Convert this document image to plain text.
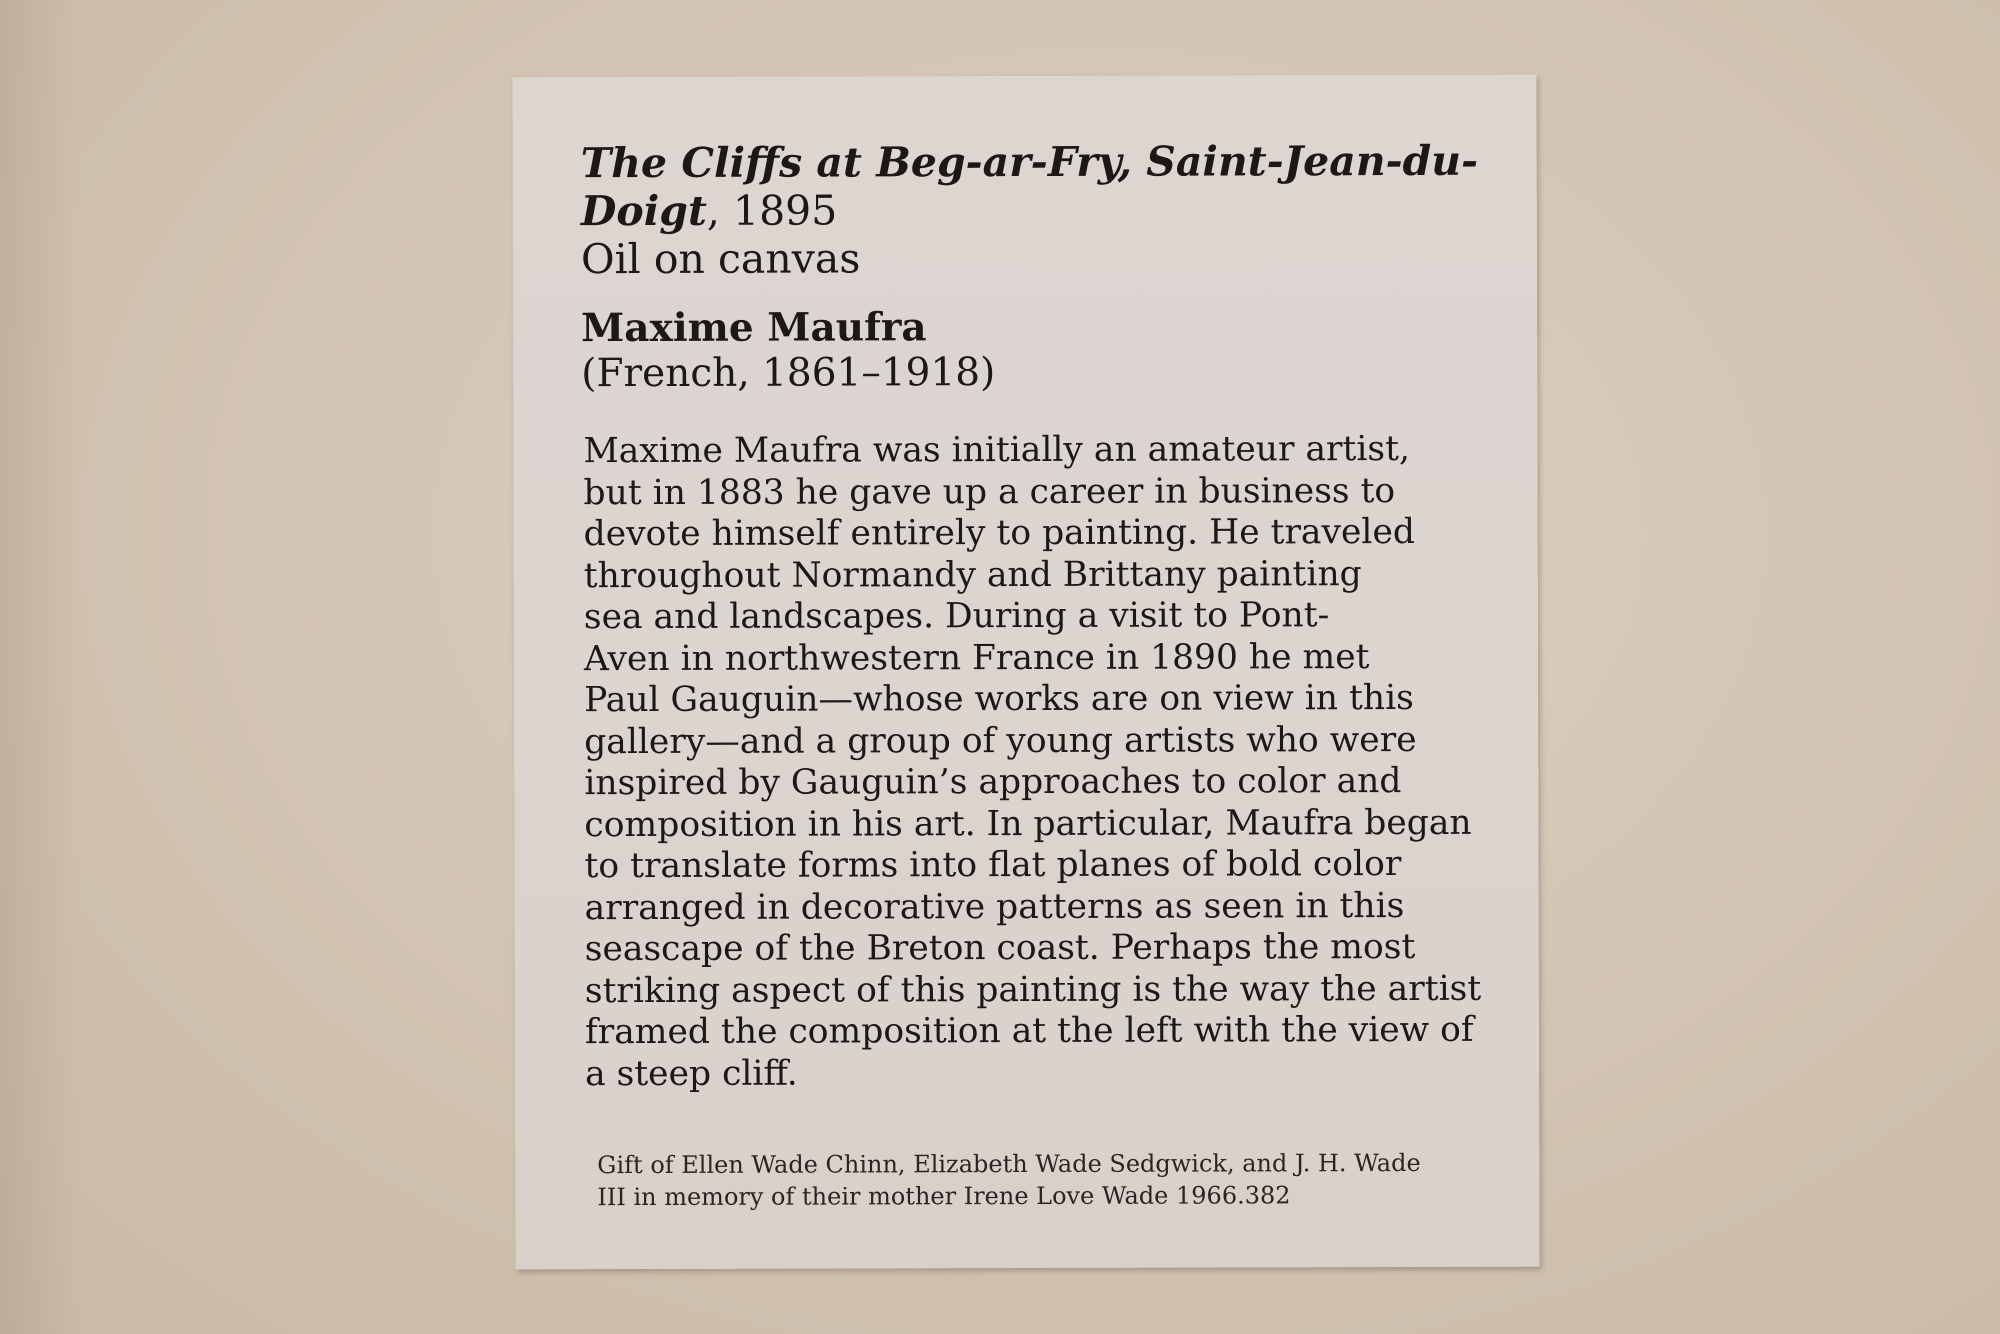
The Cliffs at Beg-ar-Fry, Saint-Jean-du-
Doigt, 1895

Oil on canvas

Maxime Maufra

(French, 1861–1918)

Maxime Maufra was initially an amateur artist,
but in 1883 he gave up a career in business to
devote himself entirely to painting. He traveled
throughout Normandy and Brittany painting
sea and landscapes. During a visit to Pont-
Aven in northwestern France in 1890 he met
Paul Gauguin—whose works are on view in this
gallery—and a group of young artists who were
inspired by Gauguin’s approaches to color and
composition in his art. In particular, Maufra began
to translate forms into flat planes of bold color
arranged in decorative patterns as seen in this
seascape of the Breton coast. Perhaps the most
striking aspect of this painting is the way the artist
framed the composition at the left with the view of
a steep cliff.
Gift of Ellen Wade Chinn, Elizabeth Wade Sedgwick, and J. H. Wade
III in memory of their mother Irene Love Wade 1966.382
